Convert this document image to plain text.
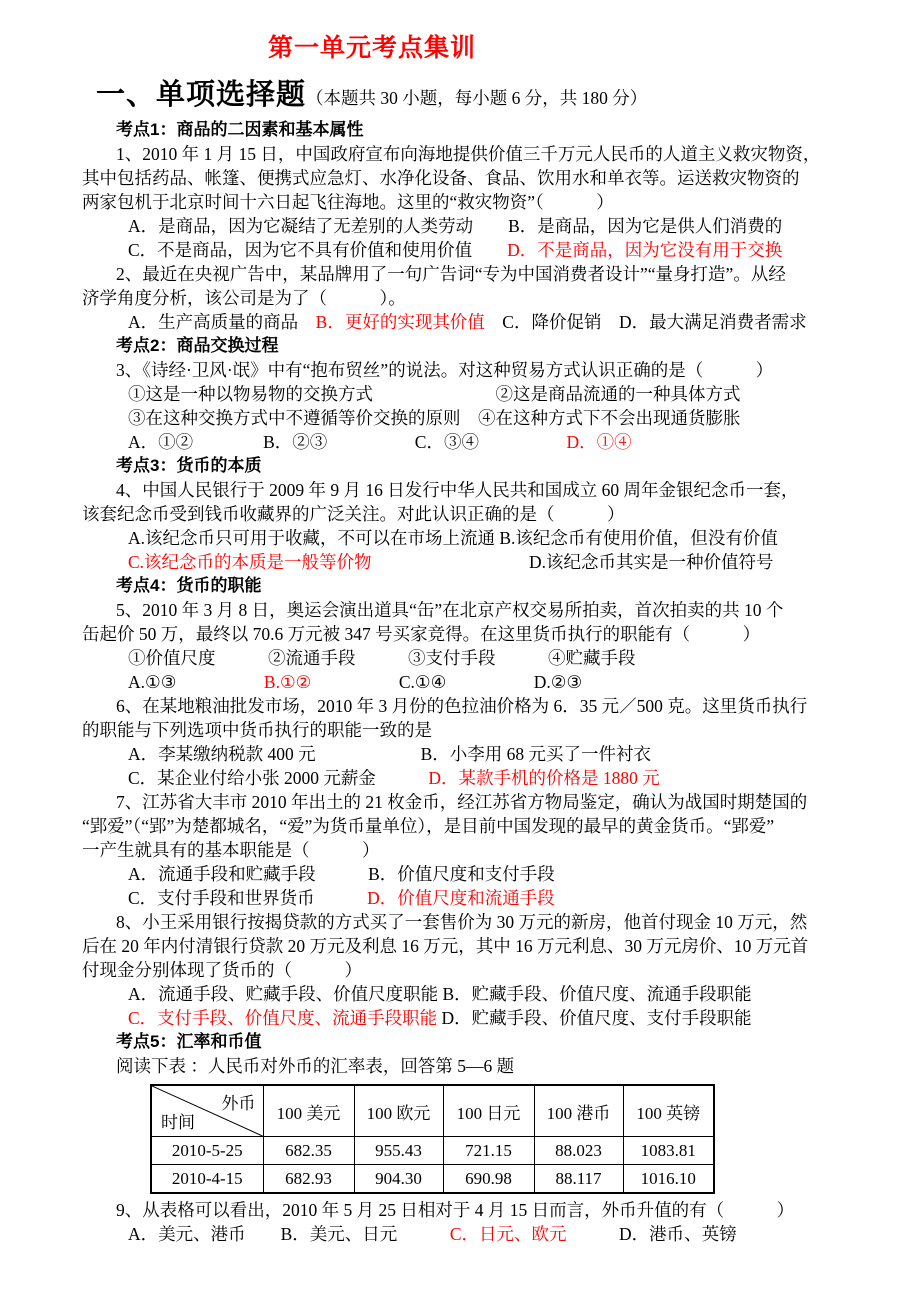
第一单元考点集训
一、单项选择题（本题共 30 小题，每小题 6 分，共 180 分）
考点1：商品的二因素和基本属性
1、2010 年 1 月 15 日，中国政府宣布向海地提供价值三千万元人民币的人道主义救灾物资，
其中包括药品、帐篷、便携式应急灯、水净化设备、食品、饮用水和单衣等。运送救灾物资的
两家包机于北京时间十六日起飞往海地。这里的“救灾物资”（　　　）
A．是商品，因为它凝结了无差别的人类劳动　　B．是商品，因为它是供人们消费的
C．不是商品，因为它不具有价值和使用价值　　D．不是商品，因为它没有用于交换
2、最近在央视广告中，某品牌用了一句广告词“专为中国消费者设计”“量身打造”。从经
济学角度分析，该公司是为了（　　　）。
A．生产高质量的商品　B．更好的实现其价值　C．降价促销　D．最大满足消费者需求
考点2：商品交换过程
3、《诗经·卫风·氓》中有“抱布贸丝”的说法。对这种贸易方式认识正确的是（　　　）
①这是一种以物易物的交换方式　　　　　　　②这是商品流通的一种具体方式
③在这种交换方式中不遵循等价交换的原则　④在这种方式下不会出现通货膨胀
A．①②　　　　B．②③　　　　　C．③④　　　　　D．①④
考点3：货币的本质
4、中国人民银行于 2009 年 9 月 16 日发行中华人民共和国成立 60 周年金银纪念币一套，
该套纪念币受到钱币收藏界的广泛关注。对此认识正确的是（　　　）
A.该纪念币只可用于收藏，不可以在市场上流通 B.该纪念币有使用价值，但没有价值
C.该纪念币的本质是一般等价物　　　　　　　　　D.该纪念币其实是一种价值符号
考点4：货币的职能
5、2010 年 3 月 8 日，奥运会演出道具“缶”在北京产权交易所拍卖，首次拍卖的共 10 个
缶起价 50 万，最终以 70.6 万元被 347 号买家竞得。在这里货币执行的职能有（　　　）
①价值尺度　　　②流通手段　　　③支付手段　　　④贮藏手段
A.①③　　　　　B.①②　　　　　C.①④　　　　　D.②③
6、在某地粮油批发市场，2010 年 3 月份的色拉油价格为 6．35 元／500 克。这里货币执行
的职能与下列选项中货币执行的职能一致的是
A．李某缴纳税款 400 元　　　　　　B．小李用 68 元买了一件衬衣
C．某企业付给小张 2000 元薪金　　　D．某款手机的价格是 1880 元
7、江苏省大丰市 2010 年出土的 21 枚金币，经江苏省方物局鉴定，确认为战国时期楚国的
“郢爱”（“郢”为楚都城名，“爱”为货币量单位），是目前中国发现的最早的黄金货币。“郢爱”
一产生就具有的基本职能是（　　　）
A．流通手段和贮藏手段　　　B．价值尺度和支付手段
C．支付手段和世界货币　　　D．价值尺度和流通手段
8、小王采用银行按揭贷款的方式买了一套售价为 30 万元的新房，他首付现金 10 万元，然
后在 20 年内付清银行贷款 20 万元及利息 16 万元，其中 16 万元利息、30 万元房价、10 万元首
付现金分别体现了货币的（　　　）
A．流通手段、贮藏手段、价值尺度职能 B．贮藏手段、价值尺度、流通手段职能
C．支付手段、价值尺度、流通手段职能 D．贮藏手段、价值尺度、支付手段职能
考点5：汇率和币值
阅读下表 ：人民币对外币的汇率表，回答第 5—6 题
外币
时间	100 美元	100 欧元	100 日元	100 港币	100 英镑
2010-5-25	682.35	955.43	721.15	88.023	1083.81
2010-4-15	682.93	904.30	690.98	88.117	1016.10
9、从表格可以看出，2010 年 5 月 25 日相对于 4 月 15 日而言，外币升值的有（　　　）
A．美元、港币　　B．美元、日元　　　C．日元、欧元　　　D．港币、英镑
